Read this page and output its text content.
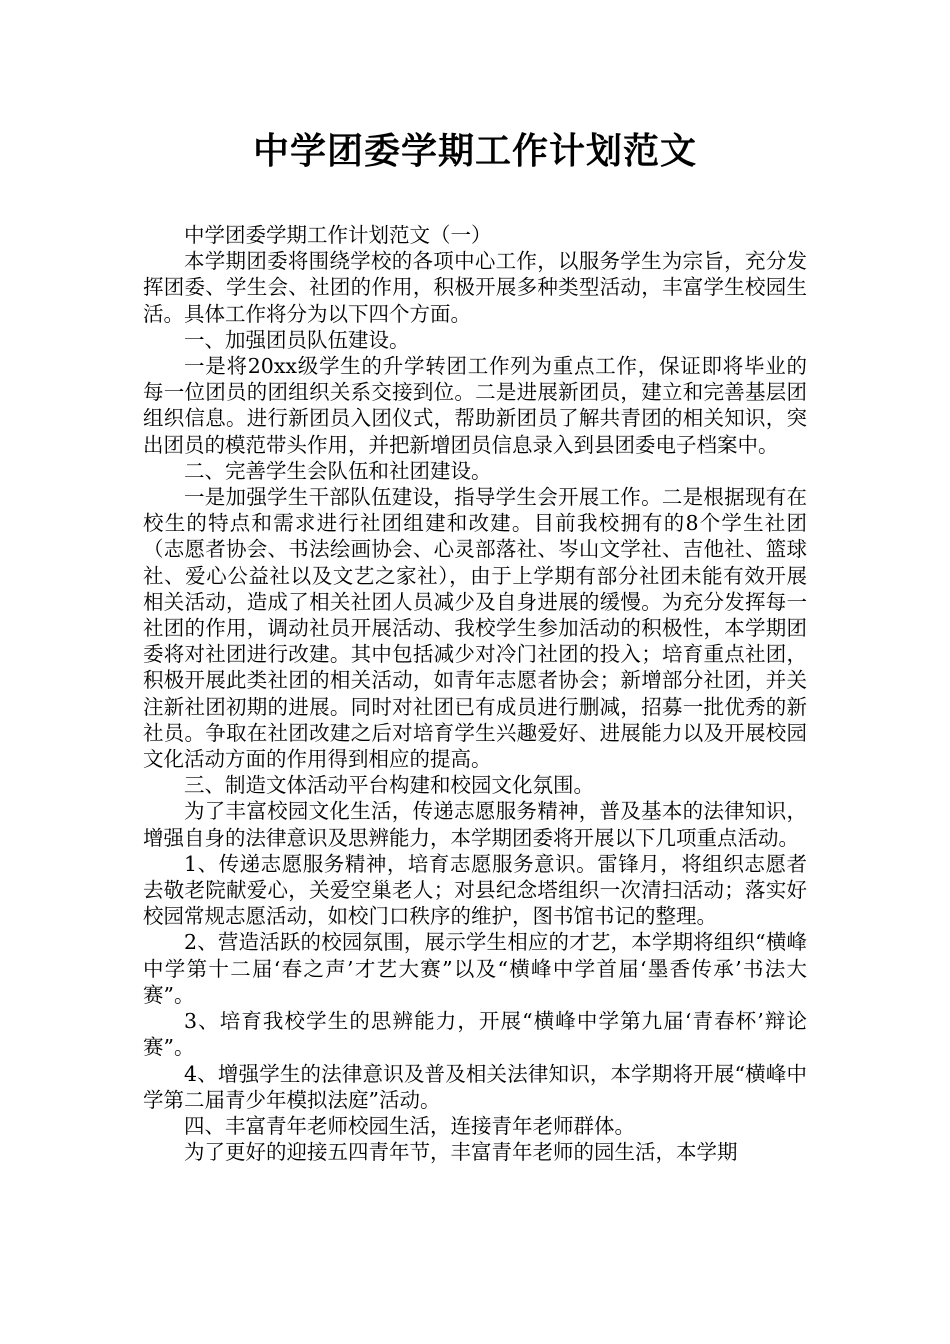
中学团委学期工作计划范文

中学团委学期工作计划范文（一）

本学期团委将围绕学校的各项中心工作，以服务学生为宗旨，充分发挥团委、学生会、社团的作用，积极开展多种类型活动，丰富学生校园生活。具体工作将分为以下四个方面。

一、加强团员队伍建设。

一是将20xx级学生的升学转团工作列为重点工作，保证即将毕业的每一位团员的团组织关系交接到位。二是进展新团员，建立和完善基层团组织信息。进行新团员入团仪式，帮助新团员了解共青团的相关知识，突出团员的模范带头作用，并把新增团员信息录入到县团委电子档案中。

二、完善学生会队伍和社团建设。

一是加强学生干部队伍建设，指导学生会开展工作。二是根据现有在校生的特点和需求进行社团组建和改建。目前我校拥有的8个学生社团（志愿者协会、书法绘画协会、心灵部落社、岑山文学社、吉他社、篮球社、爱心公益社以及文艺之家社），由于上学期有部分社团未能有效开展相关活动，造成了相关社团人员减少及自身进展的缓慢。为充分发挥每一社团的作用，调动社员开展活动、我校学生参加活动的积极性，本学期团委将对社团进行改建。其中包括减少对冷门社团的投入；培育重点社团，积极开展此类社团的相关活动，如青年志愿者协会；新增部分社团，并关注新社团初期的进展。同时对社团已有成员进行删减，招募一批优秀的新社员。争取在社团改建之后对培育学生兴趣爱好、进展能力以及开展校园文化活动方面的作用得到相应的提高。

三、制造文体活动平台构建和校园文化氛围。

为了丰富校园文化生活，传递志愿服务精神，普及基本的法律知识，增强自身的法律意识及思辨能力，本学期团委将开展以下几项重点活动。

1、传递志愿服务精神，培育志愿服务意识。雷锋月，将组织志愿者去敬老院献爱心，关爱空巢老人；对县纪念塔组织一次清扫活动；落实好校园常规志愿活动，如校门口秩序的维护，图书馆书记的整理。

2、营造活跃的校园氛围，展示学生相应的才艺，本学期将组织“横峰中学第十二届‘春之声’才艺大赛”以及“横峰中学首届‘墨香传承’书法大赛”。

3、培育我校学生的思辨能力，开展“横峰中学第九届‘青春杯’辩论赛”。

4、增强学生的法律意识及普及相关法律知识，本学期将开展“横峰中学第二届青少年模拟法庭”活动。

四、丰富青年老师校园生活，连接青年老师群体。

为了更好的迎接五四青年节，丰富青年老师的园生活，本学期
